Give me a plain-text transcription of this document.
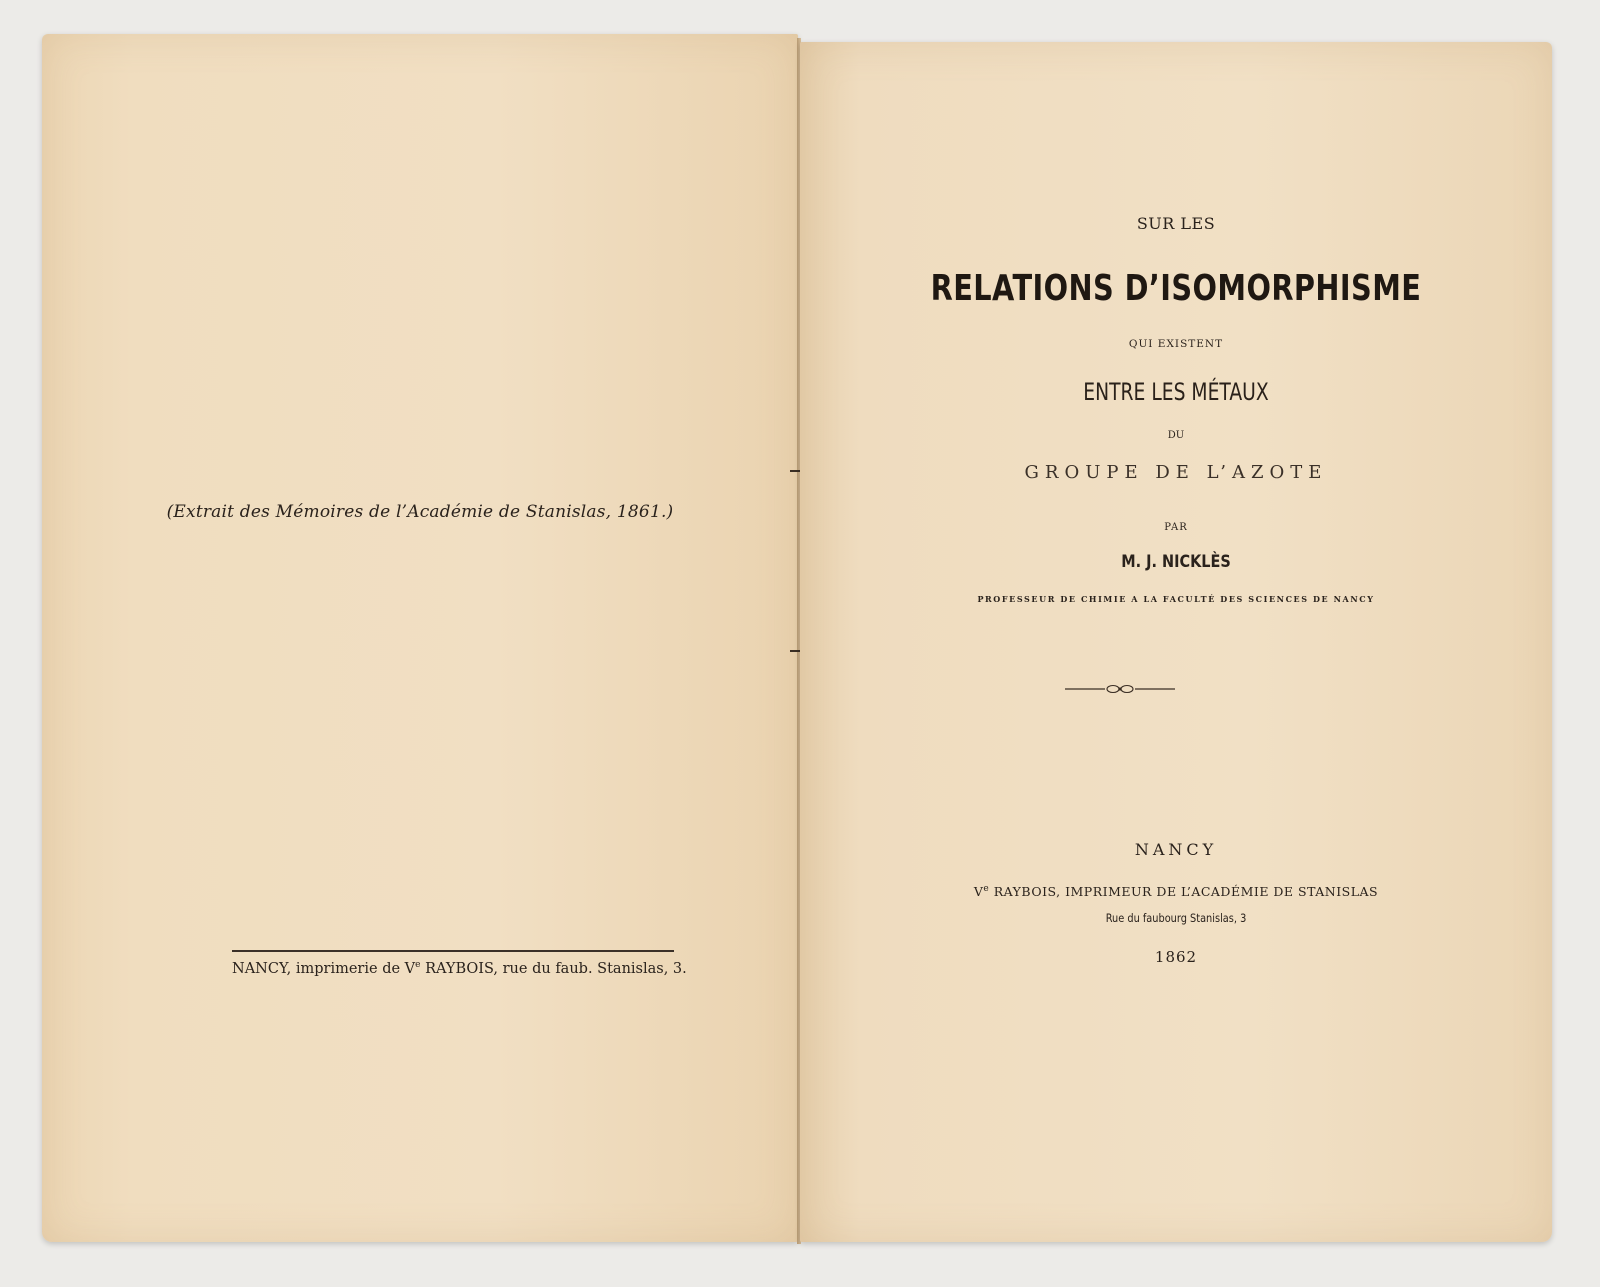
(Extrait des Mémoires de l’Académie de Stanislas, 1861.)
NANCY, imprimerie de Ve RAYBOIS, rue du faub. Stanislas, 3.
SUR LES
RELATIONS D’ISOMORPHISME
QUI EXISTENT
ENTRE LES MÉTAUX
DU
GROUPE DE L’AZOTE
PAR
M. J. NICKLÈS
PROFESSEUR DE CHIMIE A LA FACULTÉ DES SCIENCES DE NANCY
NANCY
Ve RAYBOIS, IMPRIMEUR DE L’ACADÉMIE DE STANISLAS
Rue du faubourg Stanislas, 3
1862
